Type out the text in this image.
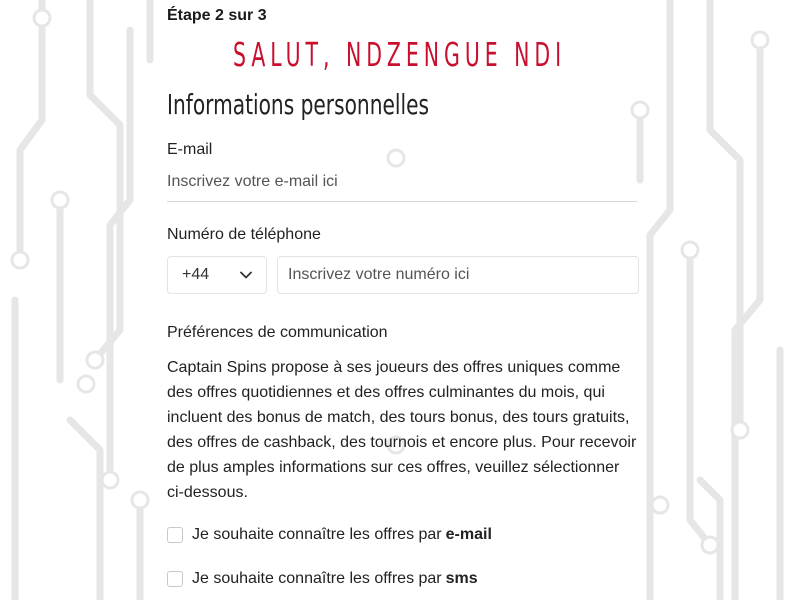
Étape 2 sur 3
SALUT, NDZENGUE NDI
Informations personnelles
E-mail
Inscrivez votre e-mail ici
Numéro de téléphone
+44
Inscrivez votre numéro ici
Préférences de communication

Captain Spins propose à ses joueurs des offres uniques comme des offres quotidiennes et des offres culminantes du mois, qui incluent des bonus de match, des tours bonus, des tours gratuits, des offres de cashback, des tournois et encore plus. Pour recevoir de plus amples informations sur ces offres, veuillez sélectionner ci-dessous.

Je souhaite connaître les offres par e-mail
Je souhaite connaître les offres par sms
